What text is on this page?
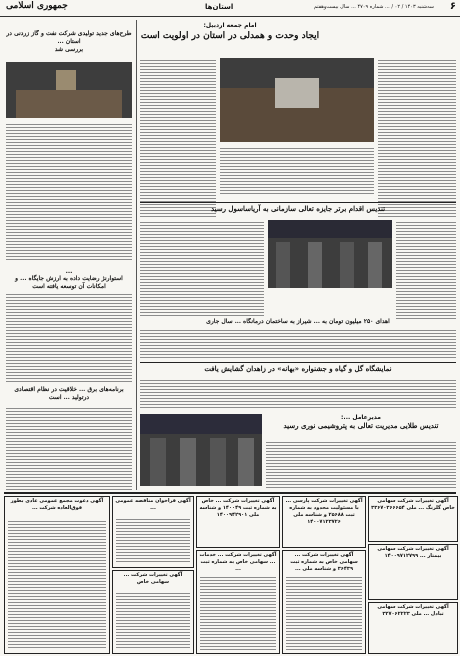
۶
سه‌شنبه ۱۴۰۳ / ۰۲ / ... شماره ۴۷۰۹ ... سال بیست‌وهفتم
استان‌ها
جمهوری اسلامی
امام جمعه اردبیل:
ایجاد وحدت و همدلی در استان در اولویت است
طرح‌های جدید تولیدی شرکت نفت و گاز زردنی در استان ...
بررسی شد
...
استوارنژ رضایت داده به ارزش جایگاه ... و امکانات آن توسعه یافته است
برنامه‌های برق ... خلاقیت در نظام اقتصادی
درتولید ... است
تندیس اقدام برتر جایزه تعالی سازمانی به آریاساسول رسید
اهدای ۲۵۰ میلیون تومان به ... شیراز به ساختمان درمانگاه ... سال جاری
نمایشگاه گل و گیاه و جشنواره «بهانه» در زاهدان گشایش یافت
مدیرعامل ...:
تندیس طلایی مدیریت تعالی به پتروشیمی نوری رسید
آگهی دعوت مجمع عمومی عادی بطور فوق‌العاده شرکت ...
آگهی فراخوان مناقصه عمومی ...
آگهی تغییرات شرکت ... سهامی خاص
آگهی تغییرات شرکت ... خاص به شماره ثبت ۱۴۰۰۴۹ و شناسه ملی ۱۴۰۰۹۴۲۹۰۱
آگهی تغییرات شرکت ... خدمات ... سهامی خاص به شماره ثبت ...
آگهی تغییرات شرکت پارسی ... با مسئولیت محدود به شماره ثبت ۲۵۶۸۸ و شناسه ملی ۱۴۰۰۷۱۲۳۷۲۶
آگهی تغییرات شرکت ... سهامی خاص به شماره ثبت ۳۶۴۳۹ و شناسه ملی ...
آگهی تغییرات شرکت سهامی خاص گلرنگ ... ملی ۳۳۶۷۰۳۶۶۶۵۴
آگهی تغییرات شرکت سهامی بیمتار ... ۱۴۰۰۹۷۱۲۷۹۹
آگهی تغییرات شرکت سهامی تبادل ... ملی ۳۲۷۰۶۲۲۲۳
